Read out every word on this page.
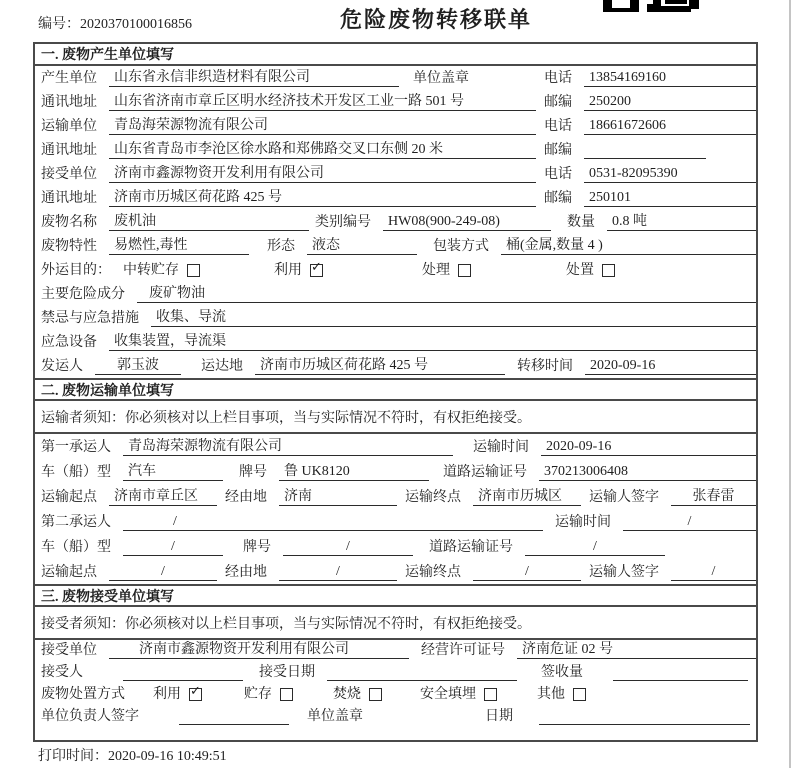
编号：2020370100016856	危险废物转移联单
一. 废物产生单位填写
产生单位	山东省永信非织造材料有限公司	单位盖章	电话	13854169160
通讯地址	山东省济南市章丘区明水经济技术开发区工业一路 501 号	邮编	250200
运输单位	青岛海荣源物流有限公司	电话	18661672606
通讯地址	山东省青岛市李沧区徐水路和郑佛路交叉口东侧 20 米	邮编
接受单位	济南市鑫源物资开发利用有限公司	电话	0531-82095390
通讯地址	济南市历城区荷花路 425 号	邮编	250101
废物名称	废机油	类别编号	HW08(900-249-08)	数量	0.8 吨
废物特性	易燃性,毒性	形态	液态	包装方式	桶(金属,数量 4 )
外运目的： 中转贮存	利用 ✓	处理	处置
主要危险成分	废矿物油
禁忌与应急措施	收集、导流
应急设备	收集装置，导流渠
发运人	郭玉波	运达地	济南市历城区荷花路 425 号	转移时间	2020-09-16
二. 废物运输单位填写
运输者须知：你必须核对以上栏目事项，当与实际情况不符时，有权拒绝接受。
第一承运人	青岛海荣源物流有限公司	运输时间	2020-09-16
车（船）型	汽车	牌号	鲁 UK8120	道路运输证号	370213006408
运输起点	济南市章丘区	经由地	济南	运输终点	济南市历城区	运输人签字	张春雷
第二承运人	/	运输时间	/
车（船）型	/	牌号	/	道路运输证号	/
运输起点	/	经由地	/	运输终点	/	运输人签字	/
三. 废物接受单位填写
接受者须知：你必须核对以上栏目事项，当与实际情况不符时，有权拒绝接受。
接受单位	济南市鑫源物资开发利用有限公司	经营许可证号	济南危证 02 号
接受人	接受日期	签收量
废物处置方式 利用 ✓	贮存	焚烧	安全填埋	其他
单位负责人签字	单位盖章	日期
打印时间：2020-09-16 10:49:51
